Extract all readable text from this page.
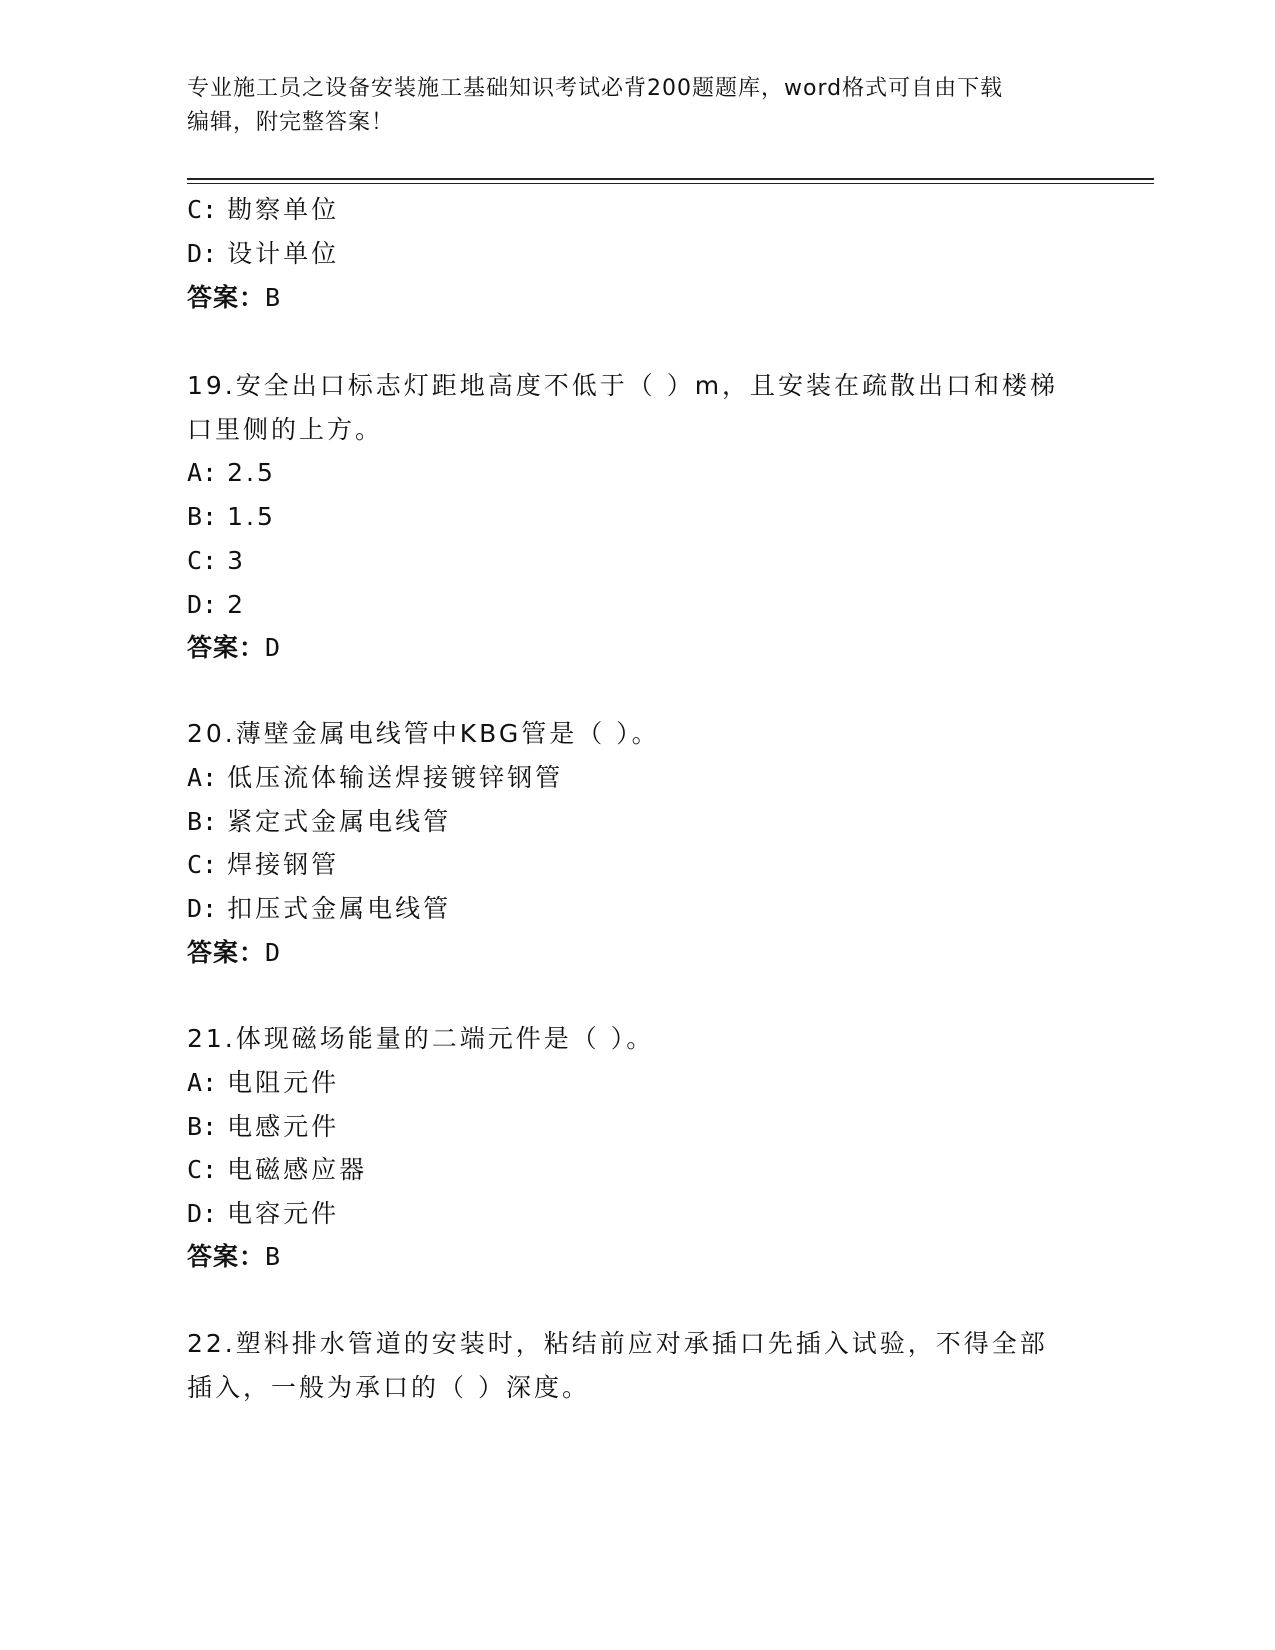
专业施工员之设备安装施工基础知识考试必背200题题库，word格式可自由下载
编辑，附完整答案！
C: 勘察单位
D: 设计单位
答案：B
19.安全出口标志灯距地高度不低于（ ）m，且安装在疏散出口和楼梯
口里侧的上方。
A: 2.5
B: 1.5
C: 3
D: 2
答案：D
20.薄壁金属电线管中KBG管是（ ）。
A: 低压流体输送焊接镀锌钢管
B: 紧定式金属电线管
C: 焊接钢管
D: 扣压式金属电线管
答案：D
21.体现磁场能量的二端元件是（ ）。
A: 电阻元件
B: 电感元件
C: 电磁感应器
D: 电容元件
答案：B
22.塑料排水管道的安装时，粘结前应对承插口先插入试验，不得全部
插入，一般为承口的（ ）深度。
